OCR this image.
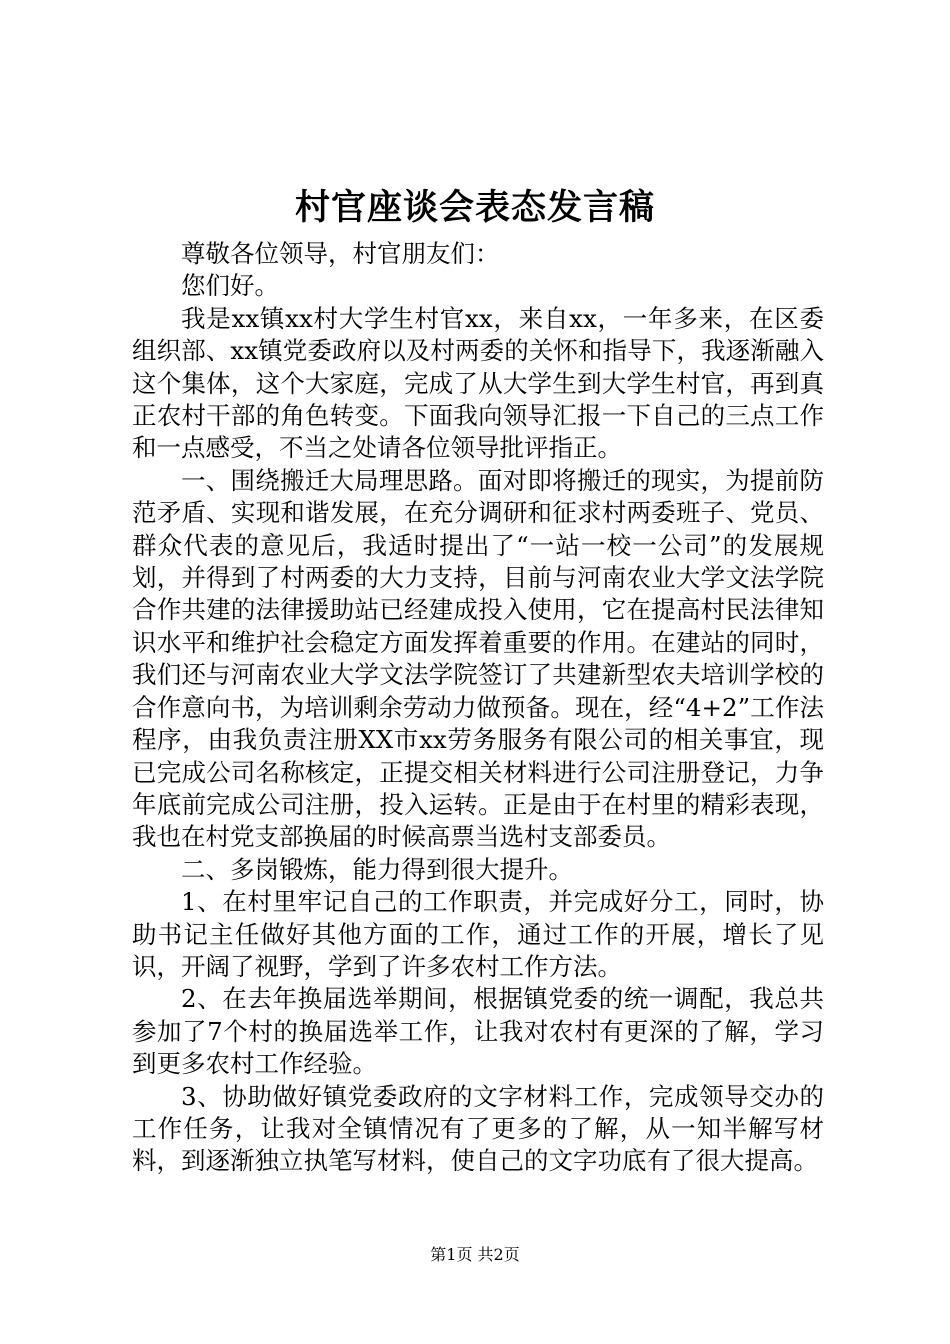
村官座谈会表态发言稿

尊敬各位领导，村官朋友们：

您们好。

我是xx镇xx村大学生村官xx，来自xx，一年多来，在区委组织部、xx镇党委政府以及村两委的关怀和指导下，我逐渐融入这个集体，这个大家庭，完成了从大学生到大学生村官，再到真正农村干部的角色转变。下面我向领导汇报一下自己的三点工作和一点感受，不当之处请各位领导批评指正。

一、围绕搬迁大局理思路。面对即将搬迁的现实，为提前防范矛盾、实现和谐发展，在充分调研和征求村两委班子、党员、群众代表的意见后，我适时提出了“一站一校一公司”的发展规划，并得到了村两委的大力支持，目前与河南农业大学文法学院合作共建的法律援助站已经建成投入使用，它在提高村民法律知识水平和维护社会稳定方面发挥着重要的作用。在建站的同时，我们还与河南农业大学文法学院签订了共建新型农夫培训学校的合作意向书，为培训剩余劳动力做预备。现在，经“4+2”工作法程序，由我负责注册XX市xx劳务服务有限公司的相关事宜，现已完成公司名称核定，正提交相关材料进行公司注册登记，力争年底前完成公司注册，投入运转。正是由于在村里的精彩表现，我也在村党支部换届的时候高票当选村支部委员。

二、多岗锻炼，能力得到很大提升。

1、在村里牢记自己的工作职责，并完成好分工，同时，协助书记主任做好其他方面的工作，通过工作的开展，增长了见识，开阔了视野，学到了许多农村工作方法。

2、在去年换届选举期间，根据镇党委的统一调配，我总共参加了7个村的换届选举工作，让我对农村有更深的了解，学习到更多农村工作经验。

3、协助做好镇党委政府的文字材料工作，完成领导交办的工作任务，让我对全镇情况有了更多的了解，从一知半解写材料，到逐渐独立执笔写材料，使自己的文字功底有了很大提高。

第1页 共2页
